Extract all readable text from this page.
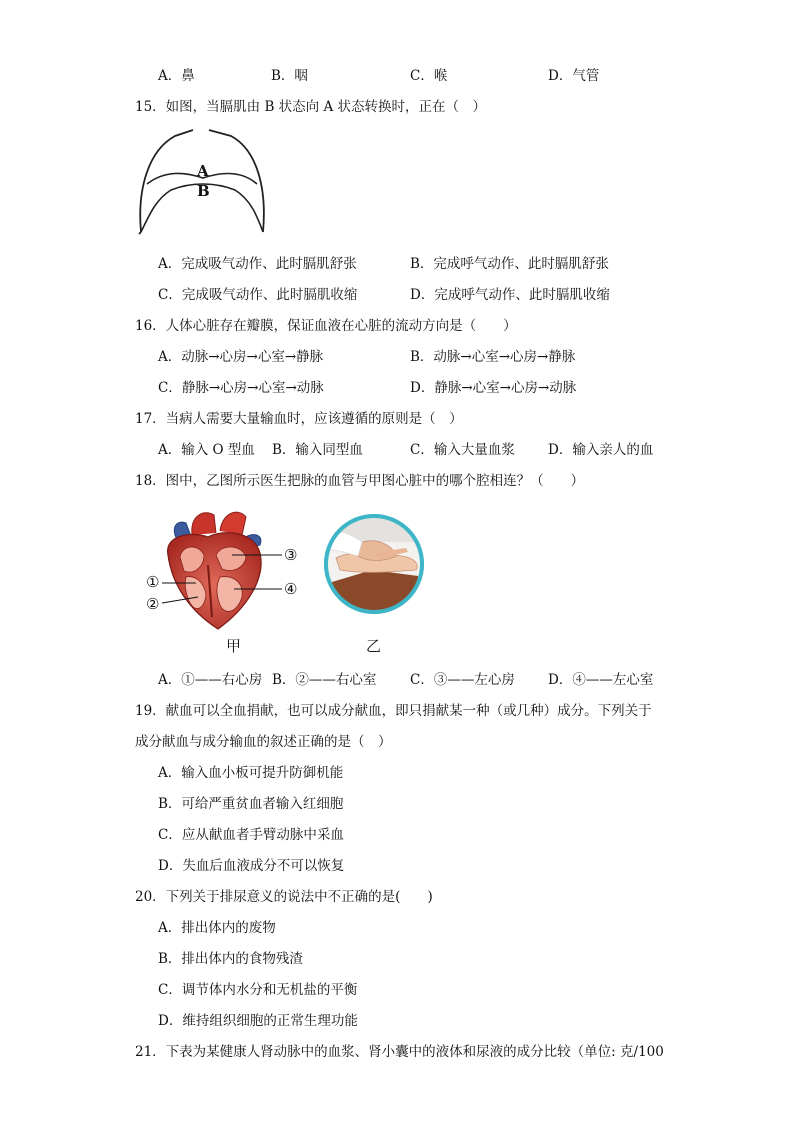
A．鼻	B．咽	C．喉	D．气管
15．如图，当膈肌由 B 状态向 A 状态转换时，正在（　）
A
B
A．完成吸气动作、此时膈肌舒张	B．完成呼气动作、此时膈肌舒张
C．完成吸气动作、此时膈肌收缩	D．完成呼气动作、此时膈肌收缩
16．人体心脏存在瓣膜，保证血液在心脏的流动方向是（　　）
A．动脉→心房→心室→静脉	B．动脉→心室→心房→静脉
C．静脉→心房→心室→动脉	D．静脉→心室→心房→动脉
17．当病人需要大量输血时，应该遵循的原则是（　）
A．输入 O 型血 B．输入同型血	C．输入大量血浆 D．输入亲人的血
18．图中，乙图所示医生把脉的血管与甲图心脏中的哪个腔相连？（　　）
①
②
③
④
甲	乙
A．①——右心房 B．②——右心室 C．③——左心房 D．④——左心室
19．献血可以全血捐献，也可以成分献血，即只捐献某一种（或几种）成分。下列关于
成分献血与成分输血的叙述正确的是（　）
A．输入血小板可提升防御机能
B．可给严重贫血者输入红细胞
C．应从献血者手臂动脉中采血
D．失血后血液成分不可以恢复
20．下列关于排尿意义的说法中不正确的是(　　)
A．排出体内的废物
B．排出体内的食物残渣
C．调节体内水分和无机盐的平衡
D．维持组织细胞的正常生理功能
21．下表为某健康人肾动脉中的血浆、肾小囊中的液体和尿液的成分比较（单位: 克/100
